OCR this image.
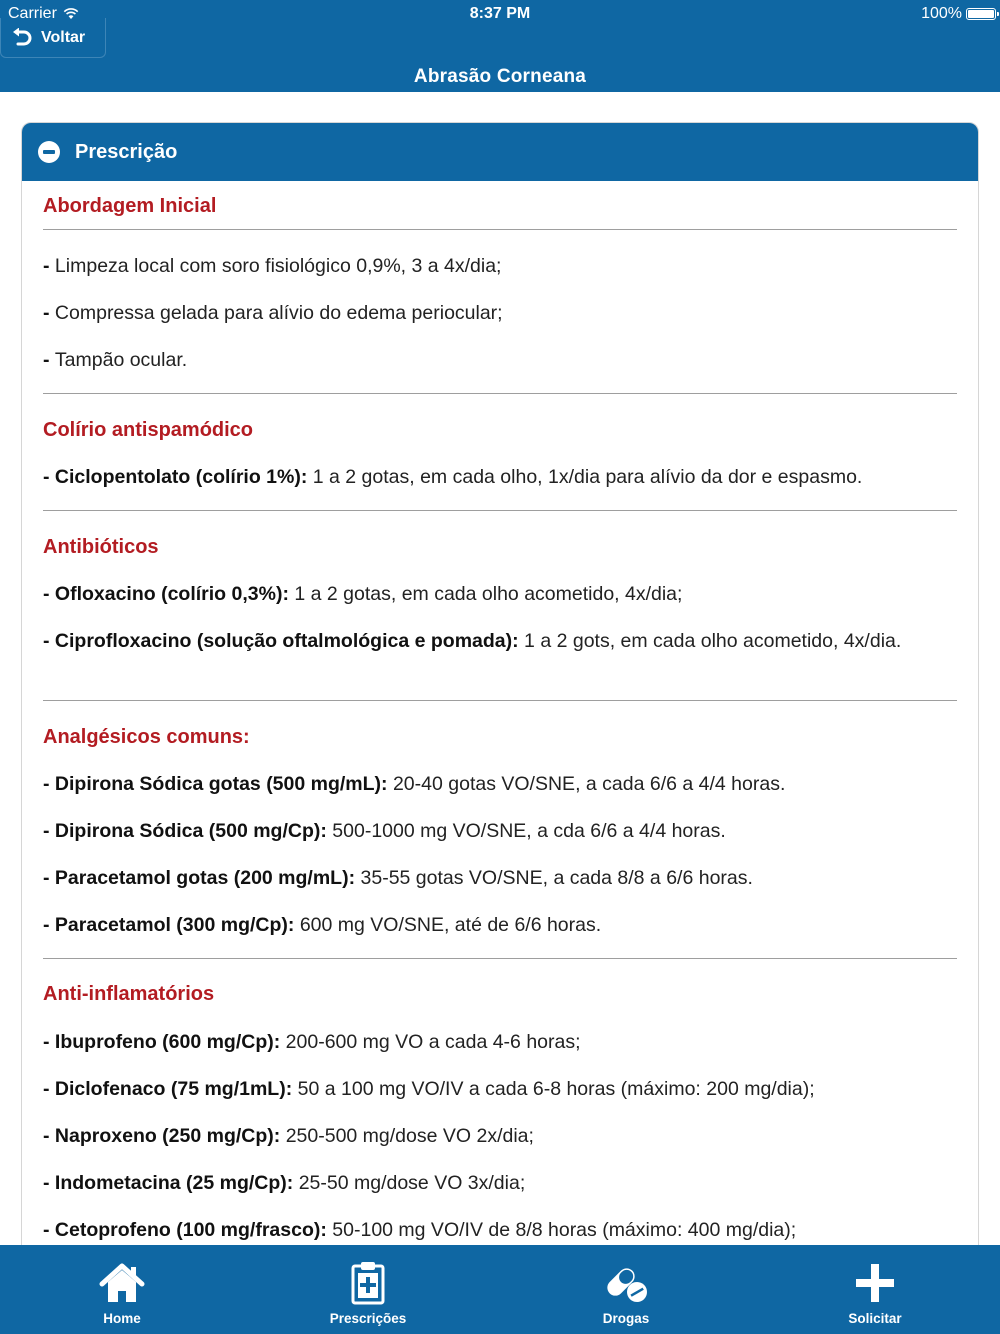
Carrier	8:37 PM	100%
Voltar
Abrasão Corneana
Prescrição
Abordagem Inicial
- Limpeza local com soro fisiológico 0,9%, 3 a 4x/dia;
- Compressa gelada para alívio do edema periocular;
- Tampão ocular.
Colírio antispamódico
- Ciclopentolato (colírio 1%): 1 a 2 gotas, em cada olho, 1x/dia para alívio da dor e espasmo.
Antibióticos
- Ofloxacino (colírio 0,3%): 1 a 2 gotas, em cada olho acometido, 4x/dia;
- Ciprofloxacino (solução oftalmológica e pomada): 1 a 2 gots, em cada olho acometido, 4x/dia.
Analgésicos comuns:
- Dipirona Sódica gotas (500 mg/mL): 20-40 gotas VO/SNE, a cada 6/6 a 4/4 horas.
- Dipirona Sódica (500 mg/Cp): 500-1000 mg VO/SNE, a cda 6/6 a 4/4 horas.
- Paracetamol gotas (200 mg/mL): 35-55 gotas VO/SNE, a cada 8/8 a 6/6 horas.
- Paracetamol (300 mg/Cp): 600 mg VO/SNE, até de 6/6 horas.
Anti-inflamatórios
- Ibuprofeno (600 mg/Cp): 200-600 mg VO a cada 4-6 horas;
- Diclofenaco (75 mg/1mL): 50 a 100 mg VO/IV a cada 6-8 horas (máximo: 200 mg/dia);
- Naproxeno (250 mg/Cp): 250-500 mg/dose VO 2x/dia;
- Indometacina (25 mg/Cp): 25-50 mg/dose VO 3x/dia;
- Cetoprofeno (100 mg/frasco): 50-100 mg VO/IV de 8/8 horas (máximo: 400 mg/dia);
Home	Prescrições	Drogas	Solicitar
